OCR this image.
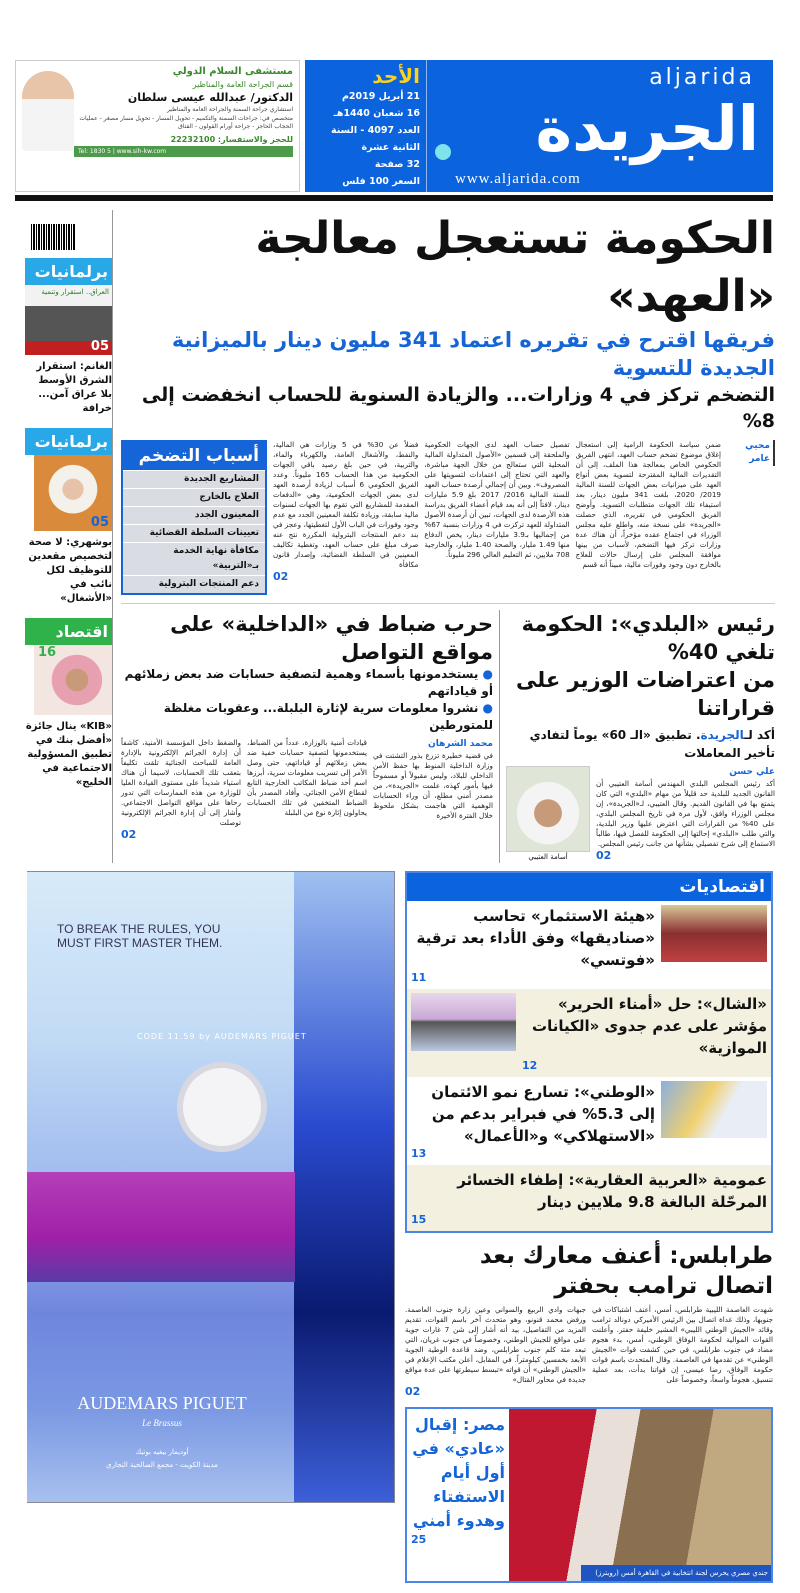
aljarida
الجريدة
www.aljarida.com
الأحد
21 أبريل 2019م
16 شعبان 1440هـ
العدد 4097 - السنة الثانية عشرة
32 صفحة
السعر 100 فلس
مستشفى السلام الدولي
قسم الجراحة العامة والمناظير
الدكتور/ عبدالله عيسى سلطان
استشاري جراحة السمنة والجراحة العامة والمناظير
متخصص في: جراحات السمنة والتكميم - تحويل المسار - تحويل مسار مصغر - عمليات الحجاب الحاجز - جراحة أورام القولون - الفتاق
للحجز والاستفسار: 22232100
Tel: 1830 5 | www.sih-kw.com
الحكومة تستعجل معالجة «العهد»
فريقها اقترح في تقريره اعتماد 341 مليون دينار بالميزانية الجديدة للتسوية
التضخم تركز في 4 وزارات... والزيادة السنوية للحساب انخفضت إلى 8%
محيي عامر
ضمن سياسة الحكومة الرامية إلى استعجال إغلاق موضوع تضخم حساب العهد، انتهى الفريق الحكومي الخاص بمعالجة هذا الملف، إلى أن التقديرات المالية المقترحة لتسوية بعض أنواع العهد على ميزانيات بعض الجهات للسنة المالية 2019/ 2020، بلغت 341 مليون دينار، بعد استيفاء تلك الجهات متطلبات التسوية. وأوضح الفريق الحكومي في تقريره، الذي حصلت «الجريدة» على نسخة منه، واطلع عليه مجلس الوزراء في اجتماع عقده مؤخراً، أن هناك عدة وزارات تركز فيها التضخم، لأسباب من بينها موافقة المجلس على إرسال حالات للعلاج بالخارج دون وجود وفورات مالية، مبيناً أنه قسم
تفصيل حساب العهد لدى الجهات الحكومية والملحقة إلى قسمين «الأصول المتداولة المالية المحلية التي ستعالج من خلال الجهة مباشرة، والعهد التي تحتاج إلى اعتمادات لتسويتها على المصروف». وبين أن إجمالي أرصدة حساب العهد للسنة المالية 2016/ 2017 بلغ 5.9 مليارات دينار، لافتاً إلى أنه بعد قيام أعضاء الفريق بدراسة هذه الأرصدة لدى الجهات، تبين أن أرصدة الأصول المتداولة للعهد تركزت في 4 وزارات بنسبة 67% من إجماليها بـ3.9 مليارات دينار، يخص الدفاع منها 1.49 مليار، والصحة 1.40 مليار، والخارجية 708 ملايين، ثم التعليم العالي 296 مليوناً.
فضلاً عن 30% في 5 وزارات هي المالية، والنفط، والأشغال العامة، والكهرباء والماء، والتربية، في حين بلغ رصيد باقي الجهات الحكومية من هذا الحساب 165 مليوناً. وعدد الفريق الحكومي 6 أسباب لزيادة أرصدة العهد لدى بعض الجهات الحكومية، وهي «الدفعات المقدمة للمشاريع التي تقوم بها الجهات لسنوات مالية سابقة، وزيادة تكلفة المعينين الجدد مع عدم وجود وفورات في الباب الأول لتغطيتها، وعجز في بند دعم المنتجات البترولية المكررة نتج عنه صرف مبلغ على حساب العهد، وتغطية تكاليف المعينين في السلطة القضائية، وإصدار قانون مكافأة
02
أسباب التضخم
المشاريع الجديدة
العلاج بالخارج
المعينون الجدد
تعيينات السلطة القضائية
مكافأة نهاية الخدمة بـ«التربية»
دعم المنتجات البترولية
رئيس «البلدي»: الحكومة تلغي 40%
من اعتراضات الوزير على قراراتنا
أكد لـالجريدة. تطبيق «الـ 60» يوماً لتفادي تأخير المعاملات
علي حسن
أكد رئيس المجلس البلدي المهندس أسامة العتيبي أن القانون الجديد للبلدية حد قليلاً من مهام «البلدي» التي كان يتمتع بها في القانون القديم. وقال العتيبي، لـ«الجريدة»، إن مجلس الوزراء وافق، لأول مرة في تاريخ المجلس البلدي، على 40% من القرارات التي اعترض عليها وزير البلدية، والتي طلب «البلدي» إحالتها إلى الحكومة للفصل فيها، طالباً الاستماع إلى شرح تفصيلي بشأنها من جانب رئيس المجلس.
02
أسامة العتيبي
حرب ضباط في «الداخلية» على مواقع التواصل
● يستخدمونها بأسماء وهمية لتصفية حسابات ضد بعض زملائهم أو قياداتهم
● نشروا معلومات سرية لإثارة البلبلة... وعقوبات مغلظة للمتورطين
محمد الشرهان
في قضية خطيرة تزرع بذور التشتت في وزارة الداخلية المنوط بها حفظ الأمن الداخلي للبلاد، وليس مقبولاً أو مسموحاً فيها بأمور كهذه، علمت «الجريدة»، من مصدر أمني مطلع، أن وراء الحسابات الوهمية التي هاجمت بشكل ملحوظ خلال الفترة الأخيرة
قيادات أمنية بالوزارة، عدداً من الضباط، يستخدمونها لتصفية حسابات خفية ضد بعض زملائهم أو قياداتهم، حتى وصل الأمر إلى تسريب معلومات سرية، أبرزها اسم أحد ضباط المكاتب الخارجية التابع لقطاع الأمن الجنائي. وأفاد المصدر بأن الضباط المتخفين في تلك الحسابات يحاولون إثارة نوع من البلبلة
والضغط داخل المؤسسة الأمنية، كاشفاً أن إدارة الجرائم الإلكترونية بالإدارة العامة للمباحث الجنائية تلقت تكليفاً بتعقب تلك الحسابات، لاسيما أن هناك استياء شديداً على مستوى القيادة العليا للوزارة من هذه الممارسات التي تدور رحاها على مواقع التواصل الاجتماعي. وأشار إلى أن إدارة الجرائم الإلكترونية توصلت
02
برلمانيات
العراق.. استقرار وتنمية
05
الغانم: استقرار الشرق الأوسط بلا عراق آمن... خرافة
برلمانيات
05
بوشهري: لا صحة لتخصيص مقعدين للتوظيف لكل نائب في «الأشغال»
اقتصاد
16
«KIB» ينال جائزة «أفضل بنك في تطبيق المسؤولية الاجتماعية في الخليج»
اقتصاديات
«هيئة الاستثمار» تحاسب «صناديقها» وفق الأداء بعد ترقية «فوتسي»
11
«الشال»: حل «أمناء الحرير» مؤشر على عدم جدوى «الكيانات الموازية»
12
«الوطني»: تسارع نمو الائتمان إلى 5.3% في فبراير بدعم من «الاستهلاكي» و«الأعمال»
13
عمومية «العربية العقارية»: إطفاء الخسائر المرحّلة البالغة 9.8 ملايين دينار
15
طرابلس: أعنف معارك بعد اتصال ترامب بحفتر
شهدت العاصمة الليبية طرابلس، أمس، أعنف اشتباكات في جنوبها، وذلك غداة اتصال بين الرئيس الأميركي دونالد ترامب وقائد «الجيش الوطني الليبي» المشير خليفة حفتر. وأعلنت القوات الموالية لحكومة الوفاق الوطني، أمس، بدء هجوم مضاد في جنوب طرابلس، في حين كشفت قوات «الجيش الوطني» عن تقدمها في العاصمة. وقال المتحدث باسم قوات حكومة الوفاق، رضا عيسى، إن قواتنا بدأت، بعد عملية تنسيق، هجوماً واسعاً، وخصوصاً على
جبهات وادي الربيع والسواني وعين زارة جنوب العاصمة. ورفض محمد قنونو، وهو متحدث آخر باسم القوات، تقديم المزيد من التفاصيل، بيد أنه أشار إلى شن 7 غارات جوية على مواقع للجيش الوطني، وخصوصاً في جنوب غريان، التي تبعد مئة كلم جنوب طرابلس، وضد قاعدة الوطية الجوية الأبعد بخمسين كيلومتراً. في المقابل، أعلن مكتب الإعلام في «الجيش الوطني» أن قواته «تبسط سيطرتها على عدة مواقع جديدة في محاور القتال»
02
جندي مصري يحرس لجنة انتخابية في القاهرة أمس (رويترز)
مصر: إقبال «عادي» في أول أيام الاستفتاء وهدوء أمني
25
TO BREAK THE RULES, YOU MUST FIRST MASTER THEM.
CODE 11.59 by AUDEMARS PIGUET
AUDEMARS PIGUET
Le Brassus
أوديمار بيغيه بوتيك
مدينة الكويت - مجمع الصالحية التجاري
